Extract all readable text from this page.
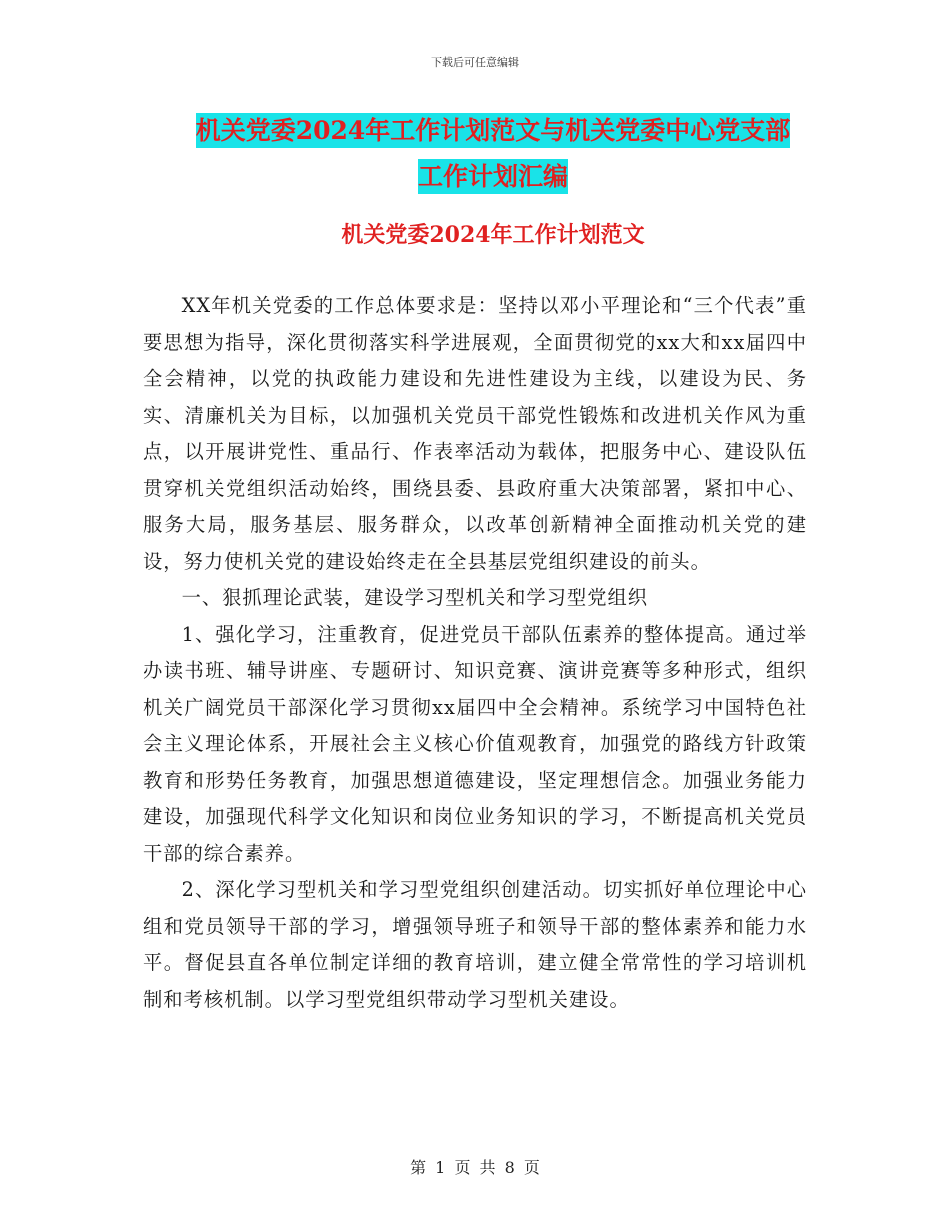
下载后可任意编辑
机关党委2024年工作计划范文与机关党委中心党支部
工作计划汇编
机关党委2024年工作计划范文

XX年机关党委的工作总体要求是：坚持以邓小平理论和“三个代表”重要思想为指导，深化贯彻落实科学进展观，全面贯彻党的xx大和xx届四中全会精神，以党的执政能力建设和先进性建设为主线，以建设为民、务实、清廉机关为目标，以加强机关党员干部党性锻炼和改进机关作风为重点，以开展讲党性、重品行、作表率活动为载体，把服务中心、建设队伍贯穿机关党组织活动始终，围绕县委、县政府重大决策部署，紧扣中心、服务大局，服务基层、服务群众，以改革创新精神全面推动机关党的建设，努力使机关党的建设始终走在全县基层党组织建设的前头。

一、狠抓理论武装，建设学习型机关和学习型党组织

1、强化学习，注重教育，促进党员干部队伍素养的整体提高。通过举办读书班、辅导讲座、专题研讨、知识竞赛、演讲竞赛等多种形式，组织机关广阔党员干部深化学习贯彻xx届四中全会精神。系统学习中国特色社会主义理论体系，开展社会主义核心价值观教育，加强党的路线方针政策教育和形势任务教育，加强思想道德建设，坚定理想信念。加强业务能力建设，加强现代科学文化知识和岗位业务知识的学习，不断提高机关党员干部的综合素养。

2、深化学习型机关和学习型党组织创建活动。切实抓好单位理论中心组和党员领导干部的学习，增强领导班子和领导干部的整体素养和能力水平。督促县直各单位制定详细的教育培训，建立健全常常性的学习培训机制和考核机制。以学习型党组织带动学习型机关建设。

第 1 页 共 8 页
